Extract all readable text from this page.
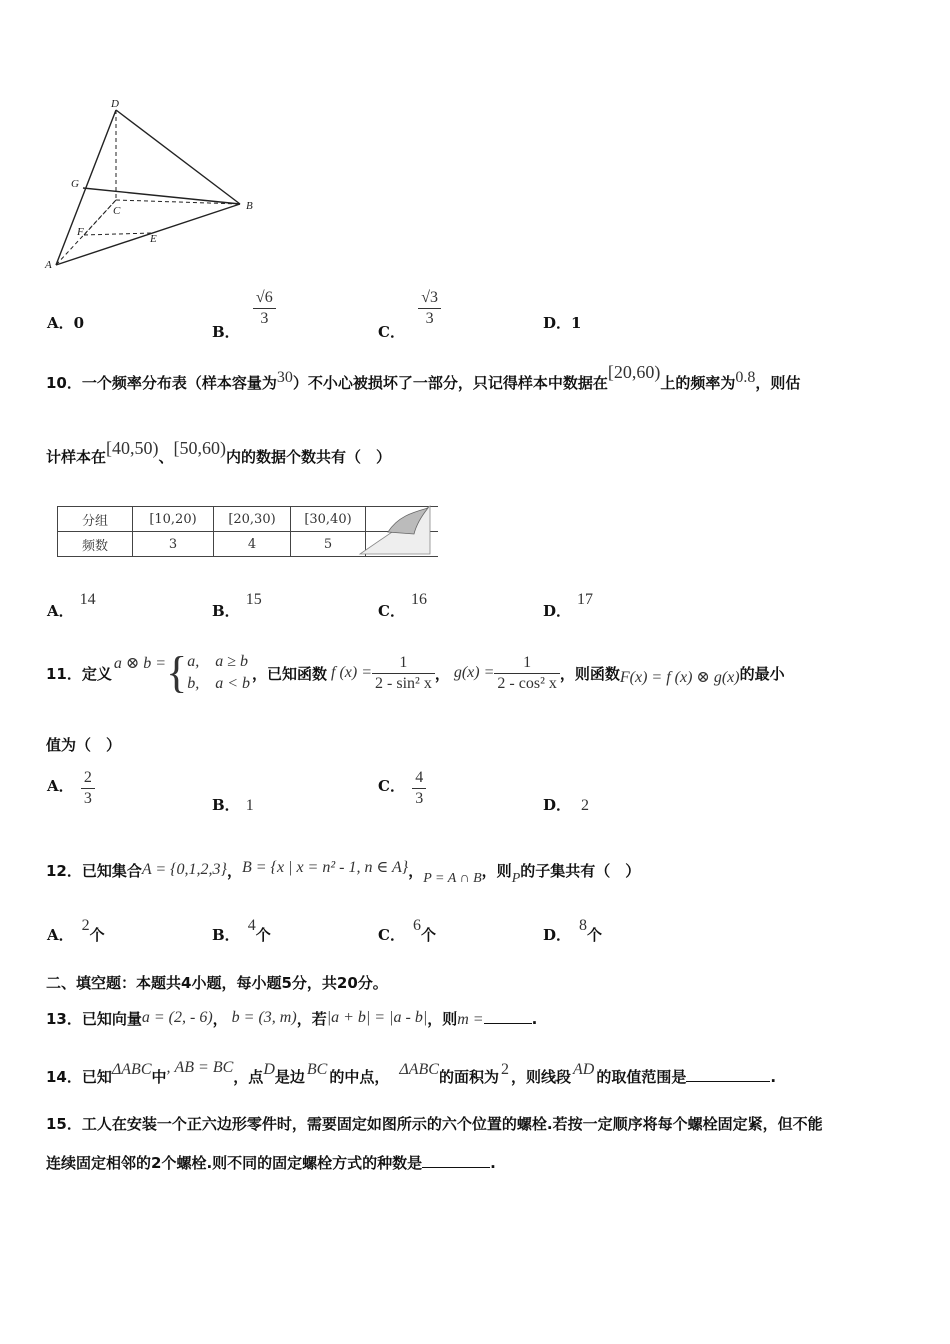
D
G
C	B
F
E
A
A．0	B．
$\frac{√6}{3}$
C．
$\frac{√3}{3}$	D．1
10．一个频率分布表（样本容量为30）不小心被损坏了一部分，只记得样本中数据在[20,60)上的频率为0.8，则估
计样本在[40,50)、[50,60)内的数据个数共有（　）
分组	[10,20)	[20,30)	[30,40)	
频数	3	4	5	
A．14
B．15
C．16
D．17
11．定义
a ⊗ b = { a,　a ≥ b
b,　a < b
，已知函数 f $(x) = \frac{1}{\text{2 - sin² x}}$ ， $g(x) = \frac{1}{\text{2 - cos² x}}$ ，则函数 F(x) = f (x) ⊗ g(x) 的最小
值为（　）
A． $\frac{2}{3}$	B． 1
C． $\frac{4}{3}$	D． 2
12．已知集合A = {0,1,2,3}，B = {x | x = n² - 1, n ∈ A}，P = A ∩ B，则P的子集共有（　）
A．2个	B．4个	C．6个	D．8个
二、填空题：本题共4小题，每小题5分，共20分。
13．已知向量a = (2, - 6)， b = (3, m)，若|a + b| = |a - b|，则m =	.
14．已知ΔABC中, AB = BC，点D是边 BC 的中点， ΔABC的面积为 2 ，则线段 AD 的取值范围是	.
15．工人在安装一个正六边形零件时，需要固定如图所示的六个位置的螺栓.若按一定顺序将每个螺栓固定紧，但不能
连续固定相邻的2个螺栓.则不同的固定螺栓方式的种数是	.
